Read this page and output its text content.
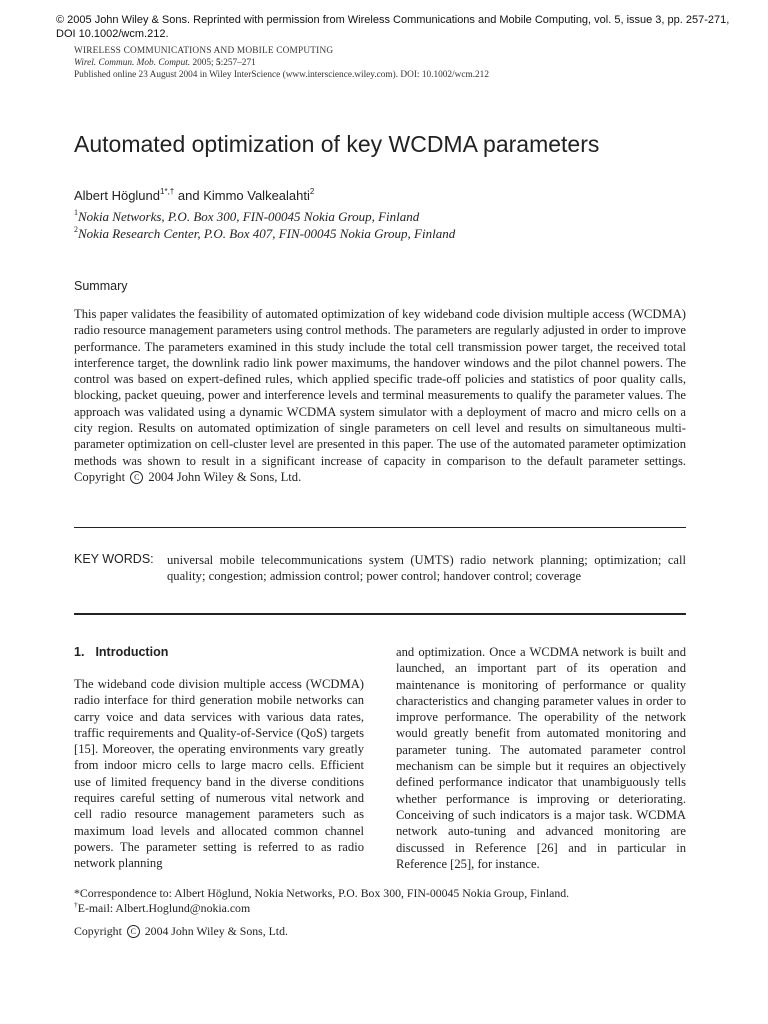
© 2005 John Wiley & Sons. Reprinted with permission from Wireless Communications and Mobile Computing, vol. 5, issue 3, pp. 257-271, DOI 10.1002/wcm.212.
WIRELESS COMMUNICATIONS AND MOBILE COMPUTING
Wirel. Commun. Mob. Comput. 2005; 5:257–271
Published online 23 August 2004 in Wiley InterScience (www.interscience.wiley.com). DOI: 10.1002/wcm.212
Automated optimization of key WCDMA parameters
Albert Höglund$^{1*,\dagger}$ and Kimmo Valkealahti$^2$
$^1$Nokia Networks, P.O. Box 300, FIN-00045 Nokia Group, Finland
$^2$Nokia Research Center, P.O. Box 407, FIN-00045 Nokia Group, Finland
Summary

This paper validates the feasibility of automated optimization of key wideband code division multiple access (WCDMA) radio resource management parameters using control methods. The parameters are regularly adjusted in order to improve performance. The parameters examined in this study include the total cell transmission power target, the received total interference target, the downlink radio link power maximums, the handover windows and the pilot channel powers. The control was based on expert-defined rules, which applied specific trade-off policies and statistics of poor quality calls, blocking, packet queuing, power and interference levels and terminal measurements to qualify the parameter values. The approach was validated using a dynamic WCDMA system simulator with a deployment of macro and micro cells on a city region. Results on automated optimization of single parameters on cell level and results on simultaneous multi-parameter optimization on cell-cluster level are presented in this paper. The use of the automated parameter optimization methods was shown to result in a significant increase of capacity in comparison to the default parameter settings. Copyright C 2004 John Wiley & Sons, Ltd.

KEY WORDS: universal mobile telecommunications system (UMTS) radio network planning; optimization; call quality; congestion; admission control; power control; handover control; coverage

1. Introduction

The wideband code division multiple access (WCDMA) radio interface for third generation mobile networks can carry voice and data services with various data rates, traffic requirements and Quality-of-Service (QoS) targets [15]. Moreover, the operating environments vary greatly from indoor micro cells to large macro cells. Efficient use of limited frequency band in the diverse conditions requires careful setting of numerous vital network and cell radio resource management parameters such as maximum load levels and allocated common channel powers. The parameter setting is referred to as radio network planning

and optimization. Once a WCDMA network is built and launched, an important part of its operation and maintenance is monitoring of performance or quality characteristics and changing parameter values in order to improve performance. The operability of the network would greatly benefit from automated monitoring and parameter tuning. The automated parameter control mechanism can be simple but it requires an objectively defined performance indicator that unambiguously tells whether performance is improving or deteriorating. Conceiving of such indicators is a major task. WCDMA network auto-tuning and advanced monitoring are discussed in Reference [26] and in particular in Reference [25], for instance.

*Correspondence to: Albert Höglund, Nokia Networks, P.O. Box 300, FIN-00045 Nokia Group, Finland.
†E-mail: Albert.Hoglund@nokia.com
Copyright C 2004 John Wiley & Sons, Ltd.
